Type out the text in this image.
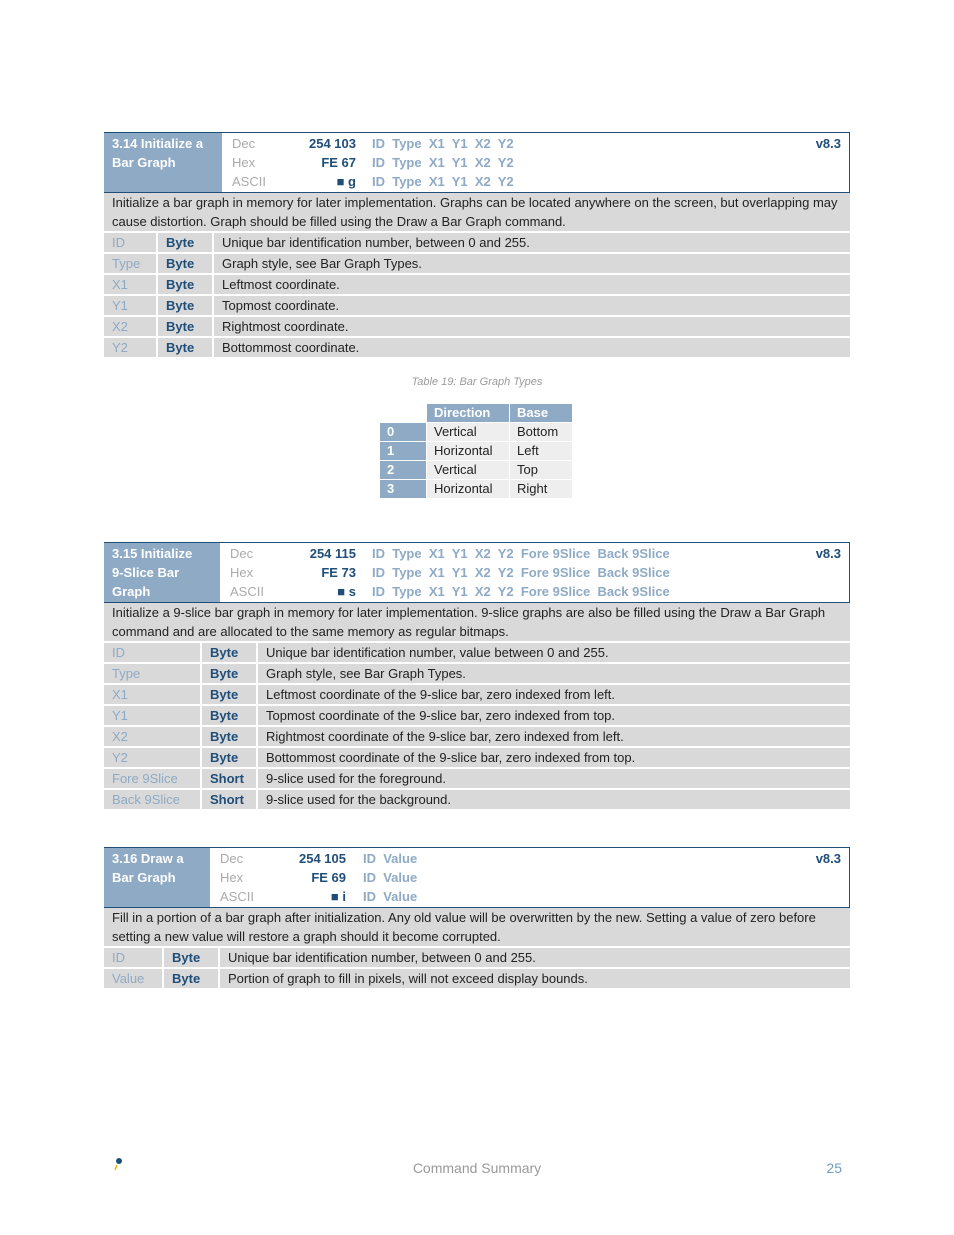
3.14 Initialize a
Bar Graph
Dec	254 103 ID  Type  X1  Y1  X2  Y2
Hex	FE 67 ID  Type  X1  Y1  X2  Y2
ASCII	■ g ID  Type  X1  Y1  X2  Y2
v8.3
Initialize a bar graph in memory for later implementation. Graphs can be located anywhere on the screen, but overlapping may cause distortion. Graph should be filled using the Draw a Bar Graph command.
ID	Byte	Unique bar identification number, between 0 and 255.
Type	Byte	Graph style, see Bar Graph Types.
X1	Byte	Leftmost coordinate.
Y1	Byte	Topmost coordinate.
X2	Byte	Rightmost coordinate.
Y2	Byte	Bottommost coordinate.
Table 19: Bar Graph Types
	Direction	Base
0	Vertical	Bottom
1	Horizontal	Left
2	Vertical	Top
3	Horizontal	Right
3.15 Initialize
9-Slice Bar
Graph
Dec	254 115 ID  Type  X1  Y1  X2  Y2  Fore 9Slice  Back 9Slice
Hex	FE 73 ID  Type  X1  Y1  X2  Y2  Fore 9Slice  Back 9Slice
ASCII	■ s ID  Type  X1  Y1  X2  Y2  Fore 9Slice  Back 9Slice
v8.3
Initialize a 9-slice bar graph in memory for later implementation. 9-slice graphs are also be filled using the Draw a Bar Graph command and are allocated to the same memory as regular bitmaps.
ID	Byte	Unique bar identification number, value between 0 and 255.
Type	Byte	Graph style, see Bar Graph Types.
X1	Byte	Leftmost coordinate of the 9-slice bar, zero indexed from left.
Y1	Byte	Topmost coordinate of the 9-slice bar, zero indexed from top.
X2	Byte	Rightmost coordinate of the 9-slice bar, zero indexed from left.
Y2	Byte	Bottommost coordinate of the 9-slice bar, zero indexed from top.
Fore 9Slice	Short	9-slice used for the foreground.
Back 9Slice	Short	9-slice used for the background.
3.16 Draw a
Bar Graph
Dec	254 105 ID  Value
Hex	FE 69 ID  Value
ASCII	■ i ID  Value
v8.3
Fill in a portion of a bar graph after initialization. Any old value will be overwritten by the new. Setting a value of zero before setting a new value will restore a graph should it become corrupted.
ID	Byte	Unique bar identification number, between 0 and 255.
Value	Byte	Portion of graph to fill in pixels, will not exceed display bounds.
Command Summary	25
